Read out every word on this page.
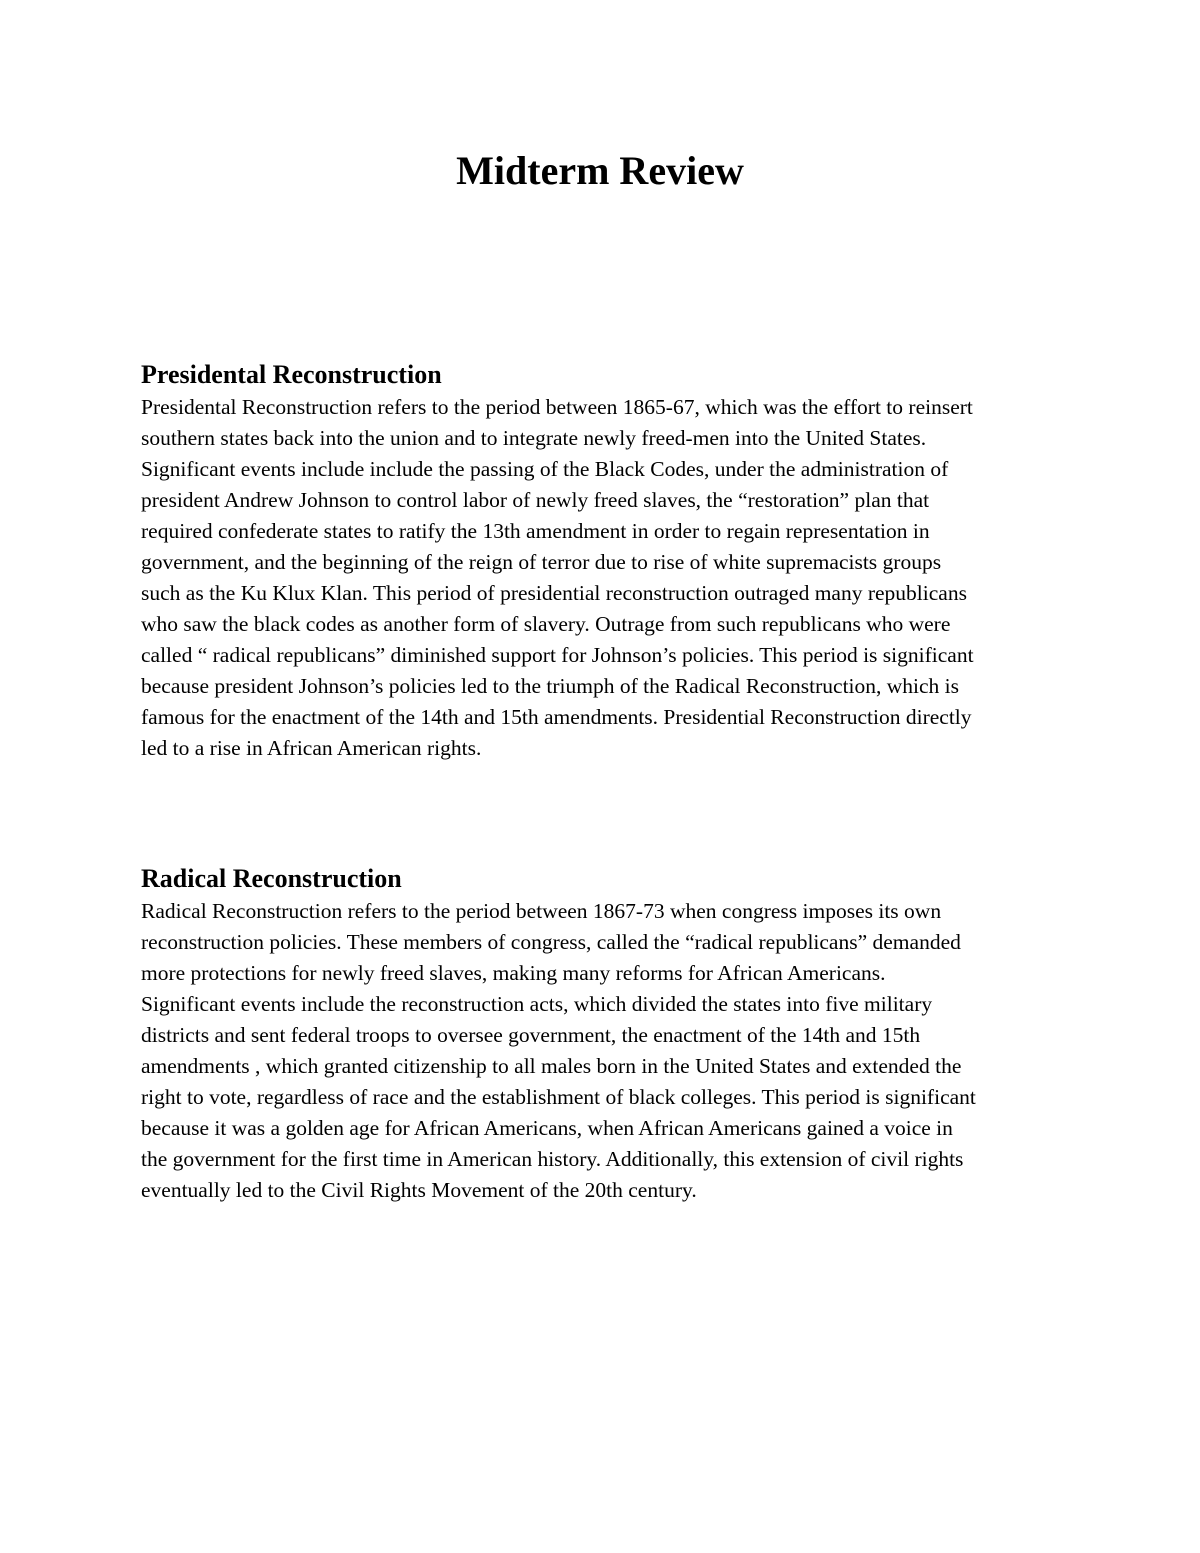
Midterm Review
Presidental Reconstruction

Presidental Reconstruction refers to the period between 1865-67, which was the effort to reinsert
southern states back into the union and to integrate newly freed-men into the United States.
Significant events include include the passing of the Black Codes, under the administration of
president Andrew Johnson to control labor of newly freed slaves, the “restoration” plan that
required confederate states to ratify the 13th amendment in order to regain representation in
government, and the beginning of the reign of terror due to rise of white supremacists groups
such as the Ku Klux Klan. This period of presidential reconstruction outraged many republicans
who saw the black codes as another form of slavery. Outrage from such republicans who were
called “ radical republicans” diminished support for Johnson’s policies. This period is significant
because president Johnson’s policies led to the triumph of the Radical Reconstruction, which is
famous for the enactment of the 14th and 15th amendments. Presidential Reconstruction directly
led to a rise in African American rights.

Radical Reconstruction

Radical Reconstruction refers to the period between 1867-73 when congress imposes its own
reconstruction policies. These members of congress, called the “radical republicans” demanded
more protections for newly freed slaves, making many reforms for African Americans.
Significant events include the reconstruction acts, which divided the states into five military
districts and sent federal troops to oversee government, the enactment of the 14th and 15th
amendments , which granted citizenship to all males born in the United States and extended the
right to vote, regardless of race and the establishment of black colleges. This period is significant
because it was a golden age for African Americans, when African Americans gained a voice in
the government for the first time in American history. Additionally, this extension of civil rights
eventually led to the Civil Rights Movement of the 20th century.
